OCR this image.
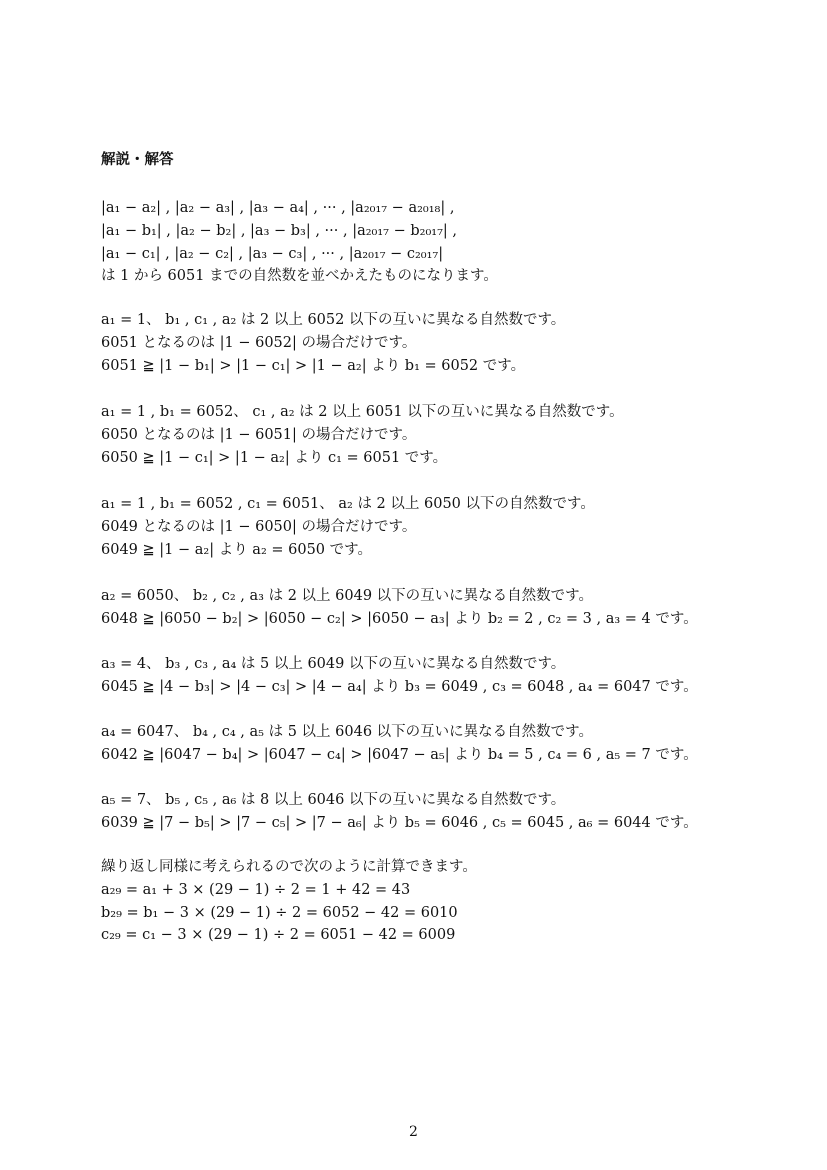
解説・解答
|a₁ − a₂| , |a₂ − a₃| , |a₃ − a₄| , ··· , |a₂₀₁₇ − a₂₀₁₈| ,
|a₁ − b₁| , |a₂ − b₂| , |a₃ − b₃| , ··· , |a₂₀₁₇ − b₂₀₁₇| ,
|a₁ − c₁| , |a₂ − c₂| , |a₃ − c₃| , ··· , |a₂₀₁₇ − c₂₀₁₇|
は 1 から 6051 までの自然数を並べかえたものになります。
a₁ = 1、 b₁ , c₁ , a₂ は 2 以上 6052 以下の互いに異なる自然数です。
6051 となるのは |1 − 6052| の場合だけです。
6051 ≧ |1 − b₁| > |1 − c₁| > |1 − a₂| より b₁ = 6052 です。
a₁ = 1 , b₁ = 6052、 c₁ , a₂ は 2 以上 6051 以下の互いに異なる自然数です。
6050 となるのは |1 − 6051| の場合だけです。
6050 ≧ |1 − c₁| > |1 − a₂| より c₁ = 6051 です。
a₁ = 1 , b₁ = 6052 , c₁ = 6051、 a₂ は 2 以上 6050 以下の自然数です。
6049 となるのは |1 − 6050| の場合だけです。
6049 ≧ |1 − a₂| より a₂ = 6050 です。
a₂ = 6050、 b₂ , c₂ , a₃ は 2 以上 6049 以下の互いに異なる自然数です。
6048 ≧ |6050 − b₂| > |6050 − c₂| > |6050 − a₃| より b₂ = 2 , c₂ = 3 , a₃ = 4 です。
a₃ = 4、 b₃ , c₃ , a₄ は 5 以上 6049 以下の互いに異なる自然数です。
6045 ≧ |4 − b₃| > |4 − c₃| > |4 − a₄| より b₃ = 6049 , c₃ = 6048 , a₄ = 6047 です。
a₄ = 6047、 b₄ , c₄ , a₅ は 5 以上 6046 以下の互いに異なる自然数です。
6042 ≧ |6047 − b₄| > |6047 − c₄| > |6047 − a₅| より b₄ = 5 , c₄ = 6 , a₅ = 7 です。
a₅ = 7、 b₅ , c₅ , a₆ は 8 以上 6046 以下の互いに異なる自然数です。
6039 ≧ |7 − b₅| > |7 − c₅| > |7 − a₆| より b₅ = 6046 , c₅ = 6045 , a₆ = 6044 です。
繰り返し同様に考えられるので次のように計算できます。
a₂₉ = a₁ + 3 × (29 − 1) ÷ 2 = 1 + 42 = 43
b₂₉ = b₁ − 3 × (29 − 1) ÷ 2 = 6052 − 42 = 6010
c₂₉ = c₁ − 3 × (29 − 1) ÷ 2 = 6051 − 42 = 6009
2
